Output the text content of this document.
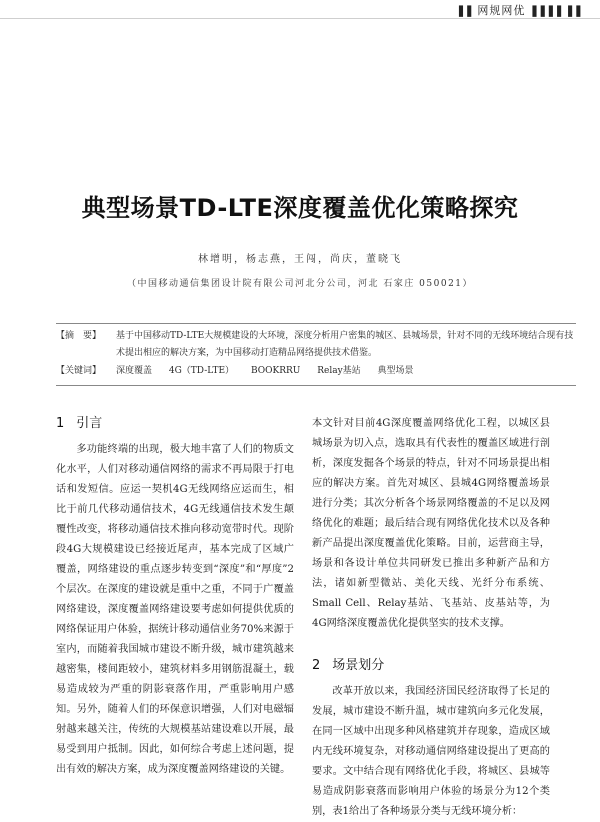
❚❚ 网规网优 ❚❚❚❚ ❚❚
典型场景TD-LTE深度覆盖优化策略探究
林增明，杨志燕，王闯，尚庆，董晓飞
（中国移动通信集团设计院有限公司河北分公司，河北 石家庄 050021）
【摘　要】	基于中国移动TD-LTE大规模建设的大环境，深度分析用户密集的城区、县城场景，针对不同的无线环境结合现有技术提出相应的解决方案，为中国移动打造精品网络提供技术借鉴。
【关键词】	深度覆盖 4G（TD-LTE） BOOKRRU Relay基站 典型场景
1 引言

多功能终端的出现，极大地丰富了人们的物质文化水平，人们对移动通信网络的需求不再局限于打电话和发短信。应运一契机4G无线网络应运而生，相比于前几代移动通信技术，4G无线通信技术发生颠覆性改变，将移动通信技术推向移动宽带时代。现阶段4G大规模建设已经接近尾声，基本完成了区域广覆盖，网络建设的重点逐步转变到“深度”和“厚度”2个层次。在深度的建设就是重中之重，不同于广覆盖网络建设，深度覆盖网络建设要考虑如何提供优质的网络保证用户体验，据统计移动通信业务70%来源于室内，而随着我国城市建设不断升级，城市建筑越来越密集，楼间距较小，建筑材料多用钢筋混凝土，载易造成较为严重的阴影衰落作用，严重影响用户感知。另外，随着人们的环保意识增强，人们对电磁辐射越来越关注，传统的大规模基站建设难以开展，最易受到用户抵制。因此，如何综合考虑上述问题，提出有效的解决方案，成为深度覆盖网络建设的关键。

本文针对目前4G深度覆盖网络优化工程，以城区县城场景为切入点，选取具有代表性的覆盖区域进行剖析，深度发掘各个场景的特点，针对不同场景提出相应的解决方案。首先对城区、县城4G网络覆盖场景进行分类；其次分析各个场景网络覆盖的不足以及网络优化的难题；最后结合现有网络优化技术以及各种新产品提出深度覆盖优化策略。目前，运营商主导，场景和各设计单位共同研发已推出多种新产品和方法，诸如新型微站、美化天线、光纤分布系统、Small Cell、Relay基站、飞基站、皮基站等，为4G网络深度覆盖优化提供坚实的技术支撑。

2 场景划分

改革开放以来，我国经济国民经济取得了长足的发展，城市建设不断升温，城市建筑向多元化发展，在同一区域中出现多种风格建筑并存现象，造成区域内无线环境复杂，对移动通信网络建设提出了更高的要求。文中结合现有网络优化手段，将城区、县城等易造成阴影衰落而影响用户体验的场景分为12个类别，表1给出了各种场景分类与无线环境分析：
